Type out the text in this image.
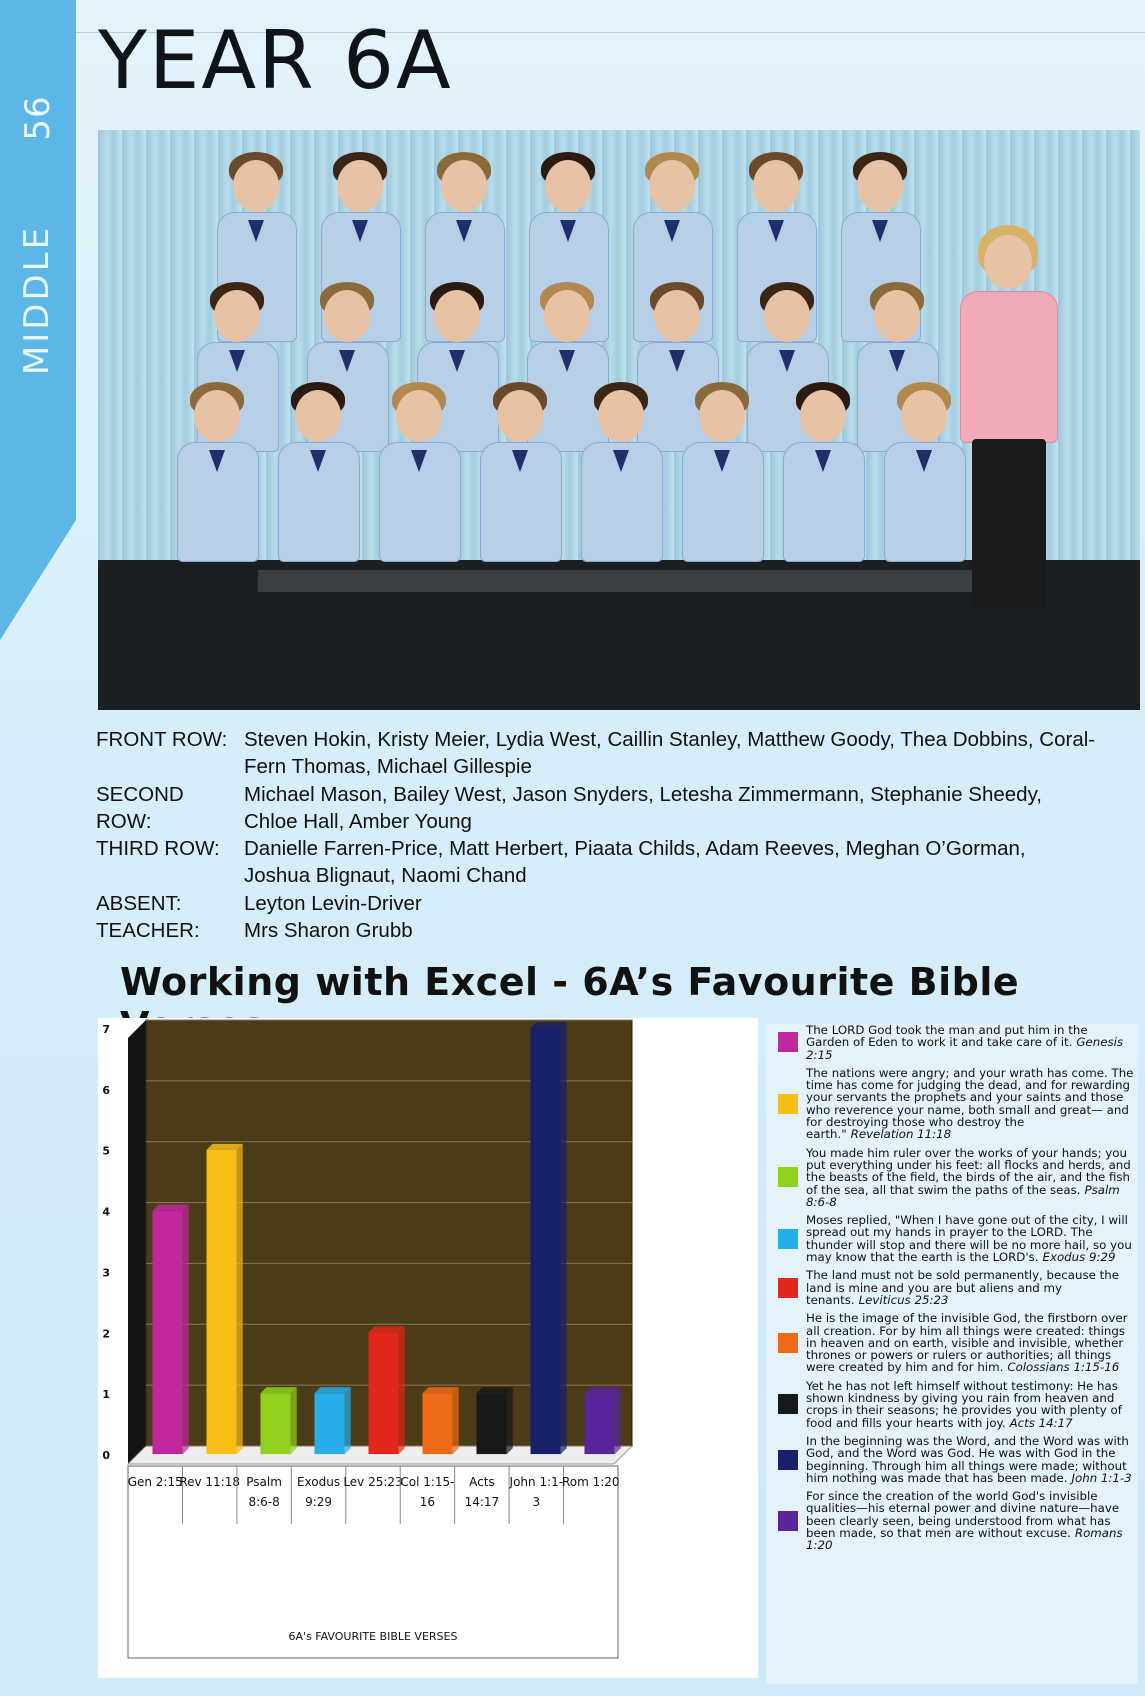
56
MIDDLE
YEAR 6A
FRONT ROW: Steven Hokin, Kristy Meier, Lydia West, Caillin Stanley, Matthew Goody, Thea Dobbins, Coral-Fern Thomas, Michael Gillespie
SECOND ROW:
Michael Mason, Bailey West, Jason Snyders, Letesha Zimmermann, Stephanie Sheedy, Chloe Hall, Amber Young
THIRD ROW:	Danielle Farren-Price, Matt Herbert, Piaata Childs, Adam Reeves, Meghan O’Gorman, Joshua Blignaut, Naomi Chand
ABSENT:	Leyton Levin-Driver
TEACHER:	Mrs Sharon Grubb
Working with Excel - 6A’s Favourite Bible
0
1
2
3
4
5
6
7
Gen 2:15
Rev 11:18 Psalm
8:6-8
Exodus
9:29
Lev 25:23
Col 1:15-
16
Acts
14:17
John 1:1-
3
Rom 1:20
6A's FAVOURITE BIBLE VERSES
The LORD God took the man and put him in the Garden of Eden to work it and take care of it. Genesis 2:15
The nations were angry; and your wrath has come. The time has come for judging the dead, and for rewarding your servants the prophets and your saints and those who reverence your name, both small and great— and for destroying those who destroy the earth." Revelation 11:18
You made him ruler over the works of your hands; you put everything under his feet: all flocks and herds, and the beasts of the field, the birds of the air, and the fish of the sea, all that swim the paths of the seas. Psalm 8:6-8
Moses replied, "When I have gone out of the city, I will spread out my hands in prayer to the LORD. The thunder will stop and there will be no more hail, so you may know that the earth is the LORD's. Exodus 9:29
The land must not be sold permanently, because the land is mine and you are but aliens and my tenants. Leviticus 25:23
He is the image of the invisible God, the firstborn over all creation. For by him all things were created: things in heaven and on earth, visible and invisible, whether thrones or powers or rulers or authorities; all things were created by him and for him. Colossians 1:15-16
Yet he has not left himself without testimony: He has shown kindness by giving you rain from heaven and crops in their seasons; he provides you with plenty of food and fills your hearts with joy. Acts 14:17
In the beginning was the Word, and the Word was with God, and the Word was God. He was with God in the beginning. Through him all things were made; without him nothing was made that has been made. John 1:1-3
For since the creation of the world God's invisible qualities—his eternal power and divine nature—have been clearly seen, being understood from what has been made, so that men are without excuse. Romans 1:20
